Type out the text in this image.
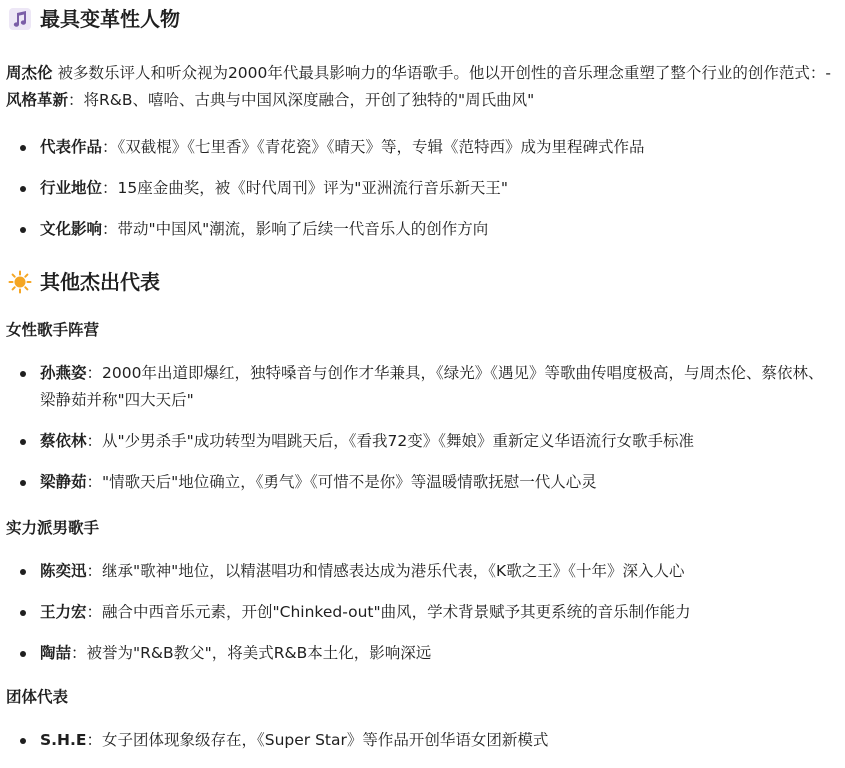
最具变革性人物

周杰伦 被多数乐评人和听众视为2000年代最具影响力的华语歌手。他以开创性的音乐理念重塑了整个行业的创作范式：- 风格革新：将R&B、嘻哈、古典与中国风深度融合，开创了独特的"周氏曲风"

代表作品：《双截棍》《七里香》《青花瓷》《晴天》等，专辑《范特西》成为里程碑式作品
行业地位：15座金曲奖，被《时代周刊》评为"亚洲流行音乐新天王"
文化影响：带动"中国风"潮流，影响了后续一代音乐人的创作方向
其他杰出代表
女性歌手阵营
孙燕姿：2000年出道即爆红，独特嗓音与创作才华兼具，《绿光》《遇见》等歌曲传唱度极高，与周杰伦、蔡依林、梁静茹并称"四大天后"
蔡依林：从"少男杀手"成功转型为唱跳天后，《看我72变》《舞娘》重新定义华语流行女歌手标准
梁静茹："情歌天后"地位确立，《勇气》《可惜不是你》等温暖情歌抚慰一代人心灵
实力派男歌手
陈奕迅：继承"歌神"地位，以精湛唱功和情感表达成为港乐代表，《K歌之王》《十年》深入人心
王力宏：融合中西音乐元素，开创"Chinked-out"曲风，学术背景赋予其更系统的音乐制作能力
陶喆：被誉为"R&B教父"，将美式R&B本土化，影响深远
团体代表
S.H.E：女子团体现象级存在，《Super Star》等作品开创华语女团新模式
